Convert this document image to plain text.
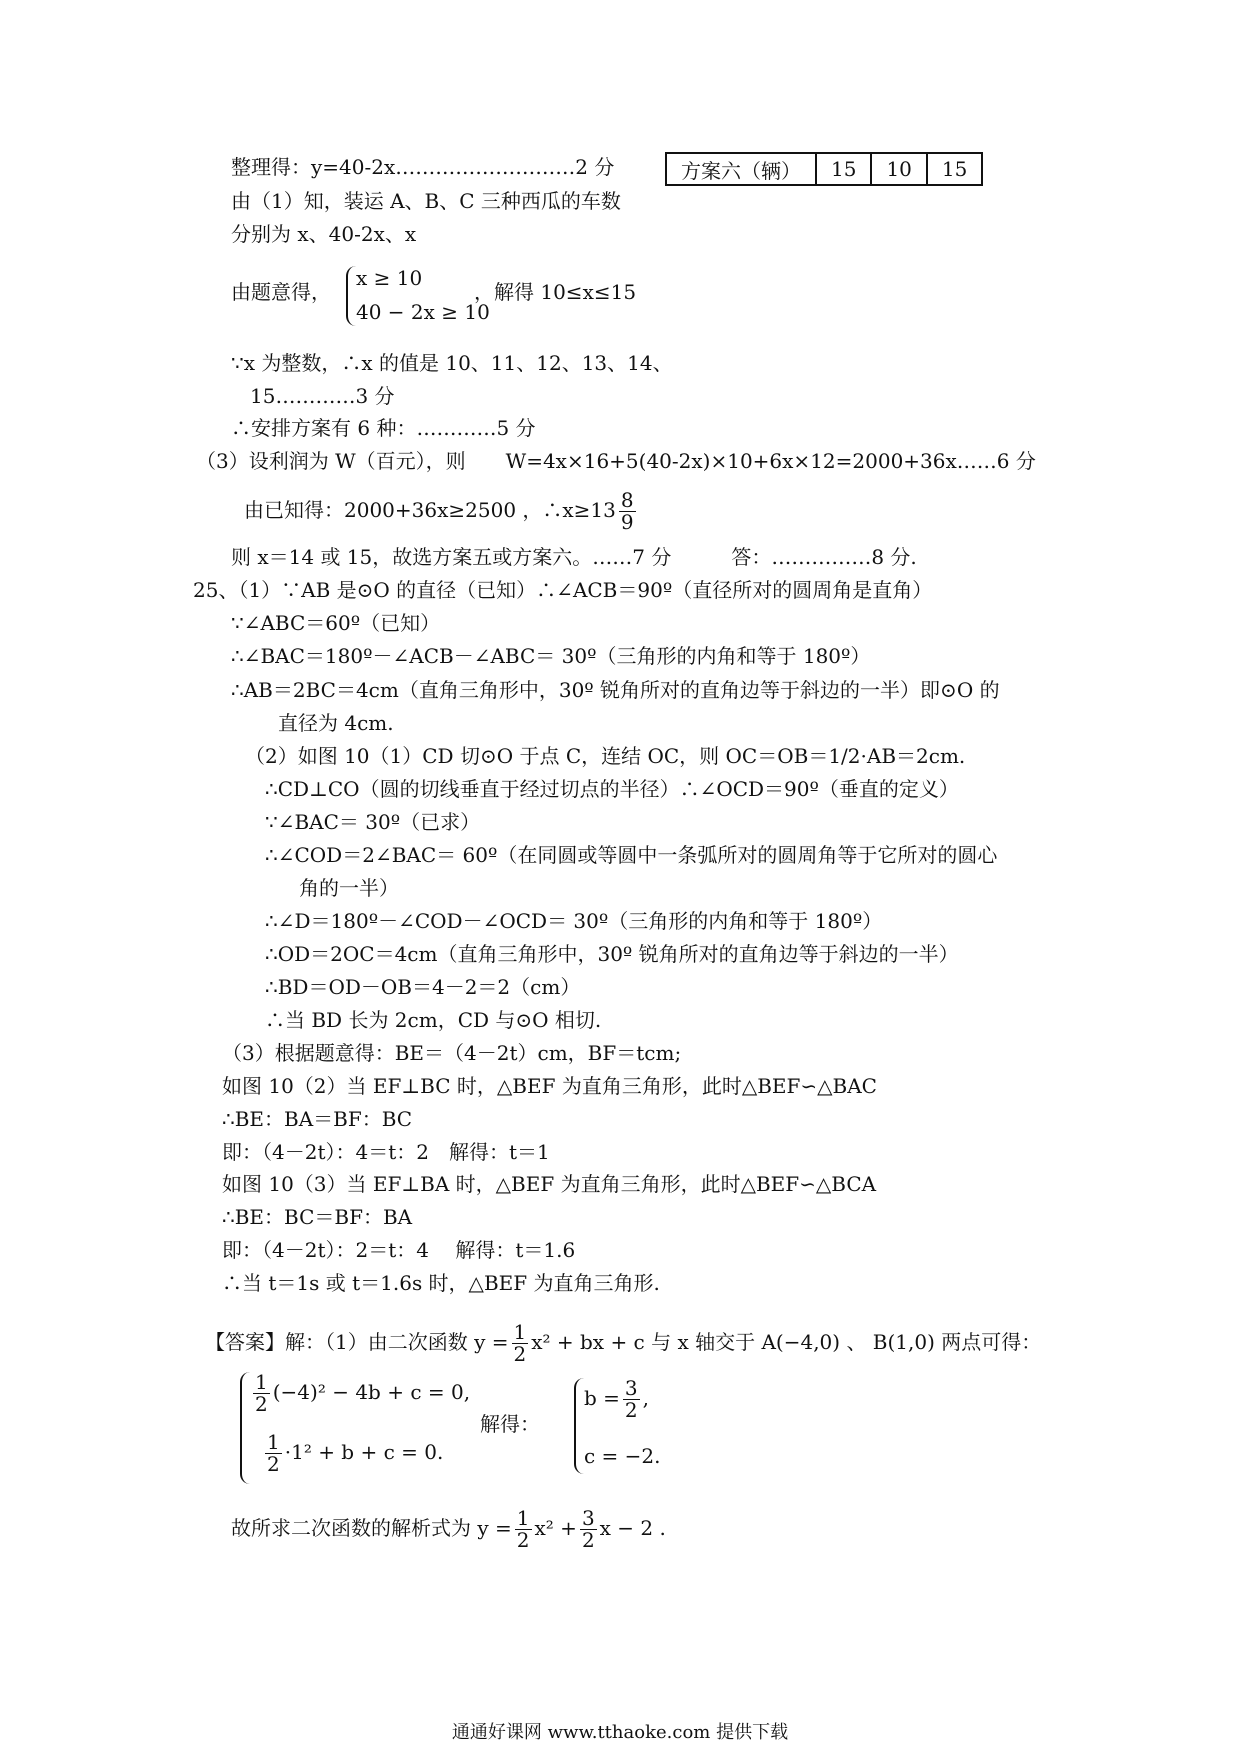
方案六（辆）	15	10	15
整理得：y=40-2x………………………2 分
由（1）知，装运 A、B、C 三种西瓜的车数
分别为 x、40-2x、x
由题意得，
x ≥ 10
40 − 2x ≥ 10
，解得 10≤x≤15
∵x 为整数，∴x 的值是 10、11、12、13、14、
15…………3 分
∴安排方案有 6 种：…………5 分
（3）设利润为 W（百元），则　　W=4x×16+5(40-2x)×10+6x×12=2000+36x……6 分
由已知得：2000+36x≥2500 ，∴x≥13 $\frac{8}{9}$
则 x＝14 或 15，故选方案五或方案六。……7 分　　　答：……………8 分.
25、（1）∵AB 是⊙O 的直径（已知）∴∠ACB＝90º（直径所对的圆周角是直角）
∵∠ABC＝60º（已知）
∴∠BAC＝180º－∠ACB－∠ABC＝ 30º（三角形的内角和等于 180º）
∴AB＝2BC＝4cm（直角三角形中，30º 锐角所对的直角边等于斜边的一半）即⊙O 的
直径为 4cm.
（2）如图 10（1）CD 切⊙O 于点 C，连结 OC，则 OC＝OB＝1/2·AB＝2cm.
∴CD⊥CO（圆的切线垂直于经过切点的半径）∴∠OCD＝90º（垂直的定义）
∵∠BAC＝ 30º（已求）
∴∠COD＝2∠BAC＝ 60º（在同圆或等圆中一条弧所对的圆周角等于它所对的圆心
角的一半）
∴∠D＝180º－∠COD－∠OCD＝ 30º（三角形的内角和等于 180º）
∴OD＝2OC＝4cm（直角三角形中，30º 锐角所对的直角边等于斜边的一半）
∴BD＝OD－OB＝4－2＝2（cm）
∴当 BD 长为 2cm，CD 与⊙O 相切.
（3）根据题意得：BE＝（4－2t）cm，BF＝tcm;
如图 10（2）当 EF⊥BC 时，△BEF 为直角三角形，此时△BEF∽△BAC
∴BE：BA＝BF：BC
即：（4－2t）：4＝t：2　解得：t＝1
如图 10（3）当 EF⊥BA 时，△BEF 为直角三角形，此时△BEF∽△BCA
∴BE：BC＝BF：BA
即：（4－2t）：2＝t：4　 解得：t＝1.6
∴当 t＝1s 或 t＝1.6s 时，△BEF 为直角三角形.
【答案】解：（1）由二次函数 $y = \frac{1}{2} x^2$ + bx + c 与 x 轴交于 A(−4,0) 、 B(1,0) 两点可得：
$\frac{1}{2} (-4)^2 - 4b + c = 0$,
$\frac{1}{2} \cdot 1^2 + b + c = 0$.
解得：
$b = \frac{3}{2}$ ,
c = −2.
故所求二次函数的解析式为 $y = \frac{1}{2} x^2 + \frac{3}{2}$ x − 2 .
通通好课网 www.tthaoke.com 提供下载
